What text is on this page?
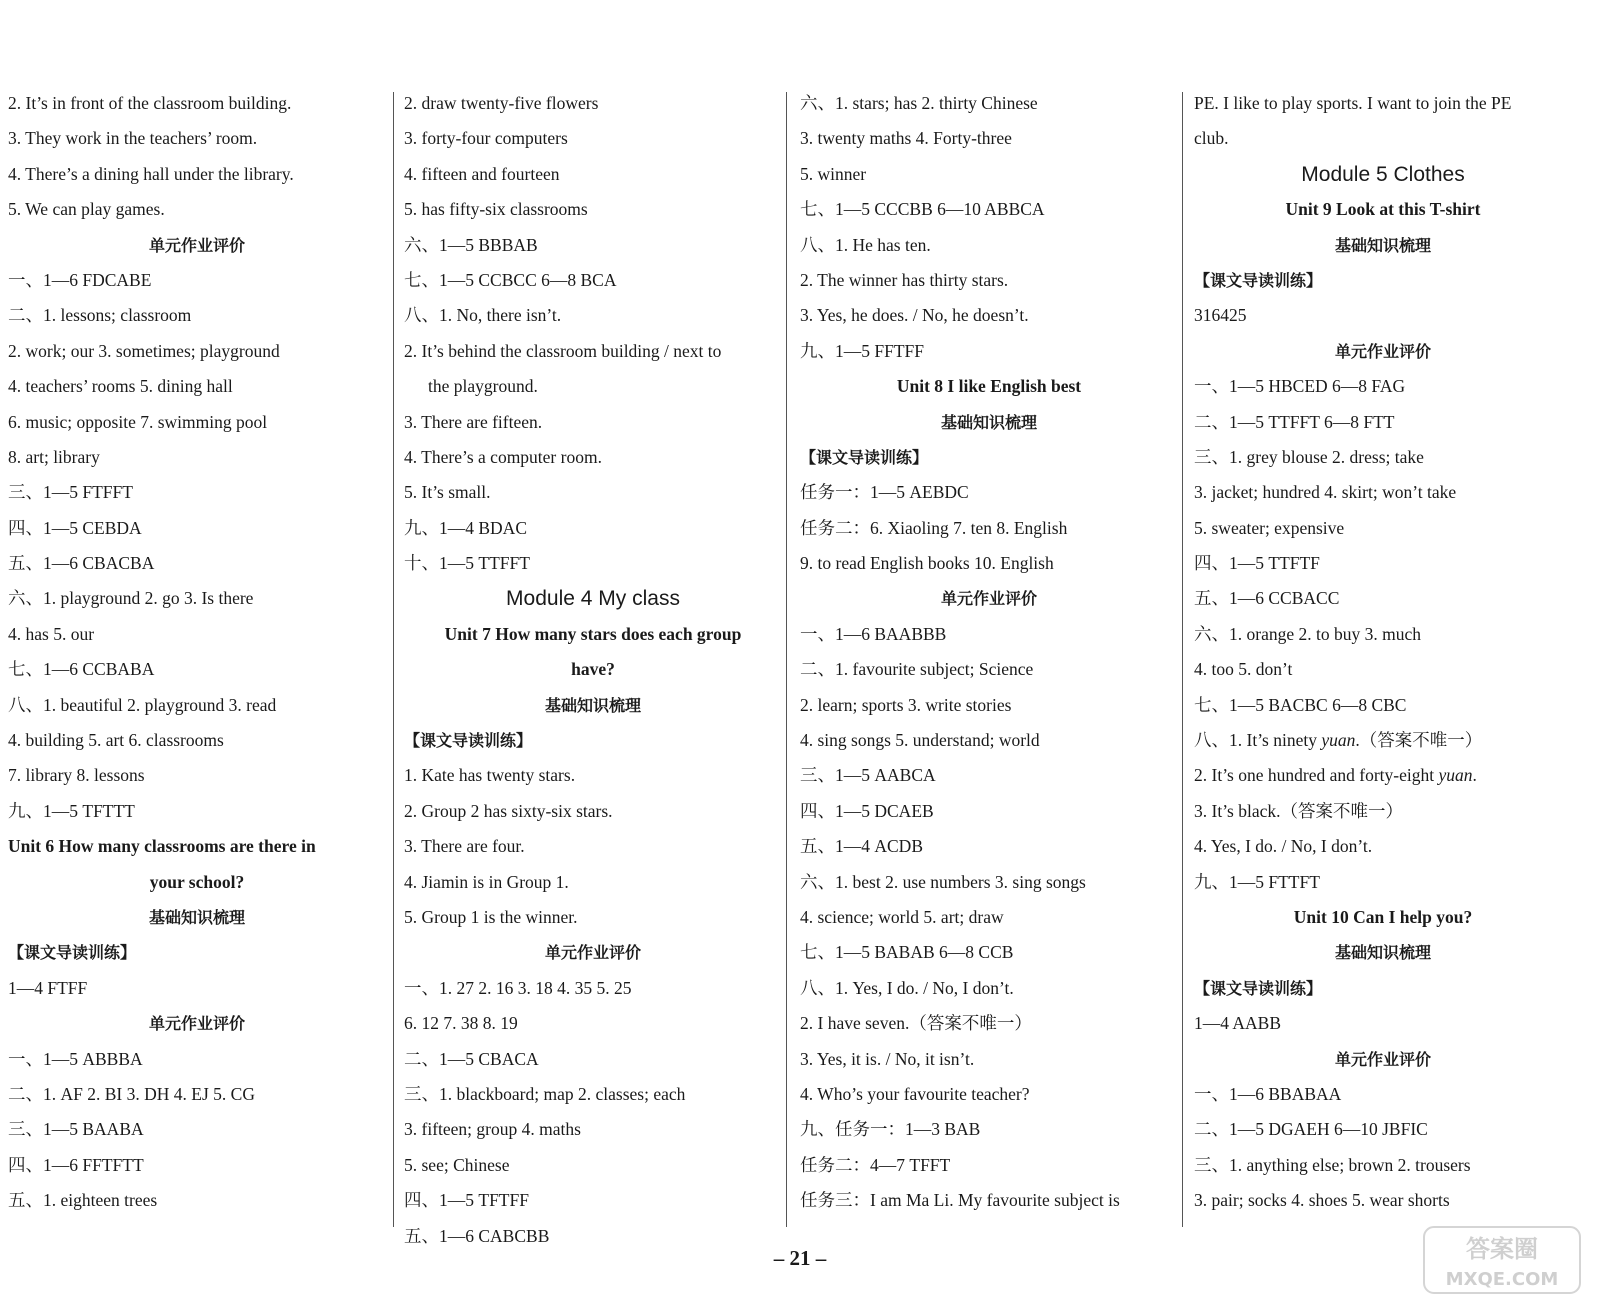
2. It’s in front of the classroom building.
3. They work in the teachers’ room.
4. There’s a dining hall under the library.
5. We can play games.
单元作业评价
一、1—6 FDCABE
二、1. lessons; classroom
2. work; our 3. sometimes; playground
4. teachers’ rooms 5. dining hall
6. music; opposite 7. swimming pool
8. art; library
三、1—5 FTFFT
四、1—5 CEBDA
五、1—6 CBACBA
六、1. playground 2. go 3. Is there
4. has 5. our
七、1—6 CCBABA
八、1. beautiful 2. playground 3. read
4. building 5. art 6. classrooms
7. library 8. lessons
九、1—5 TFTTT
Unit 6 How many classrooms are there in
your school?
基础知识梳理
【课文导读训练】
1—4 FTFF
单元作业评价
一、1—5 ABBBA
二、1. AF 2. BI 3. DH 4. EJ 5. CG
三、1—5 BAABA
四、1—6 FFTFTT
五、1. eighteen trees
2. draw twenty-five flowers
3. forty-four computers
4. fifteen and fourteen
5. has fifty-six classrooms
六、1—5 BBBAB
七、1—5 CCBCC 6—8 BCA
八、1. No, there isn’t.
2. It’s behind the classroom building / next to
the playground.
3. There are fifteen.
4. There’s a computer room.
5. It’s small.
九、1—4 BDAC
十、1—5 TTFFT
Module 4 My class
Unit 7 How many stars does each group
have?
基础知识梳理
【课文导读训练】
1. Kate has twenty stars.
2. Group 2 has sixty-six stars.
3. There are four.
4. Jiamin is in Group 1.
5. Group 1 is the winner.
单元作业评价
一、1. 27 2. 16 3. 18 4. 35 5. 25
6. 12 7. 38 8. 19
二、1—5 CBACA
三、1. blackboard; map 2. classes; each
3. fifteen; group 4. maths
5. see; Chinese
四、1—5 TFTFF
五、1—6 CABCBB
六、1. stars; has 2. thirty Chinese
3. twenty maths 4. Forty-three
5. winner
七、1—5 CCCBB 6—10 ABBCA
八、1. He has ten.
2. The winner has thirty stars.
3. Yes, he does. / No, he doesn’t.
九、1—5 FFTFF
Unit 8 I like English best
基础知识梳理
【课文导读训练】
任务一：1—5 AEBDC
任务二：6. Xiaoling 7. ten 8. English
9. to read English books 10. English
单元作业评价
一、1—6 BAABBB
二、1. favourite subject; Science
2. learn; sports 3. write stories
4. sing songs 5. understand; world
三、1—5 AABCA
四、1—5 DCAEB
五、1—4 ACDB
六、1. best 2. use numbers 3. sing songs
4. science; world 5. art; draw
七、1—5 BABAB 6—8 CCB
八、1. Yes, I do. / No, I don’t.
2. I have seven.（答案不唯一）
3. Yes, it is. / No, it isn’t.
4. Who’s your favourite teacher?
九、任务一：1—3 BAB
任务二：4—7 TFFT
任务三：I am Ma Li. My favourite subject is
PE. I like to play sports. I want to join the PE
club.
Module 5 Clothes
Unit 9 Look at this T-shirt
基础知识梳理
【课文导读训练】
316425
单元作业评价
一、1—5 HBCED 6—8 FAG
二、1—5 TTFFT 6—8 FTT
三、1. grey blouse 2. dress; take
3. jacket; hundred 4. skirt; won’t take
5. sweater; expensive
四、1—5 TTFTF
五、1—6 CCBACC
六、1. orange 2. to buy 3. much
4. too 5. don’t
七、1—5 BACBC 6—8 CBC
八、1. It’s ninety yuan.（答案不唯一）
2. It’s one hundred and forty-eight yuan.
3. It’s black.（答案不唯一）
4. Yes, I do. / No, I don’t.
九、1—5 FTTFT
Unit 10 Can I help you?
基础知识梳理
【课文导读训练】
1—4 AABB
单元作业评价
一、1—6 BBABAA
二、1—5 DGAEH 6—10 JBFIC
三、1. anything else; brown 2. trousers
3. pair; socks 4. shoes 5. wear shorts
– 21 –	答案圈
MXQE.COM
